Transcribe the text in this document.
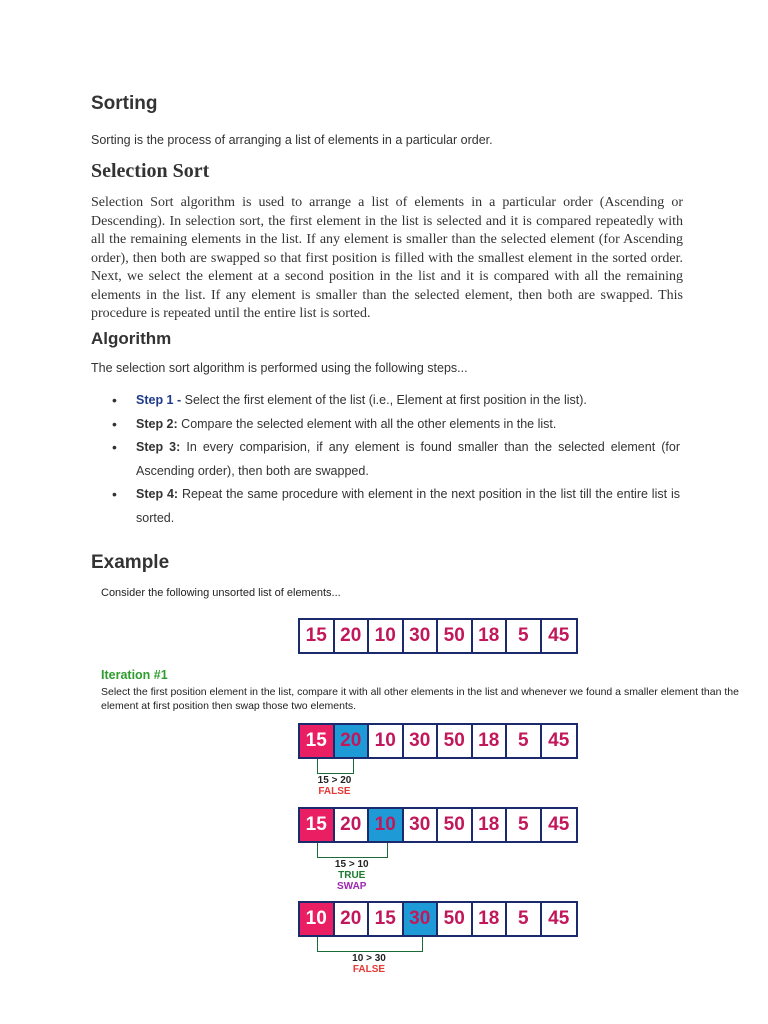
Sorting
Sorting is the process of arranging a list of elements in a particular order.
Selection Sort
Selection Sort algorithm is used to arrange a list of elements in a particular order (Ascending or Descending). In selection sort, the first element in the list is selected and it is compared repeatedly with all the remaining elements in the list. If any element is smaller than the selected element (for Ascending order), then both are swapped so that first position is filled with the smallest element in the sorted order. Next, we select the element at a second position in the list and it is compared with all the remaining elements in the list. If any element is smaller than the selected element, then both are swapped. This procedure is repeated until the entire list is sorted.
Algorithm
The selection sort algorithm is performed using the following steps...
• Step 1 - Select the first element of the list (i.e., Element at first position in the list).
• Step 2: Compare the selected element with all the other elements in the list.
• Step 3: In every comparision, if any element is found smaller than the selected element (for Ascending order), then both are swapped.
• Step 4: Repeat the same procedure with element in the next position in the list till the entire list is sorted.
Example
Consider the following unsorted list of elements...
15 20 10 30 50 18 5	45
Iteration #1
Select the first position element in the list, compare it with all other elements in the list and whenever we found a smaller element than the element at first position then swap those two elements.
15 20 10 30 50 18 5	45
15 > 20
FALSE
15 20 10 30 50 18 5	45
15 > 10
TRUE
SWAP
10 20 15 30 50 18 5	45
10 > 30
FALSE
